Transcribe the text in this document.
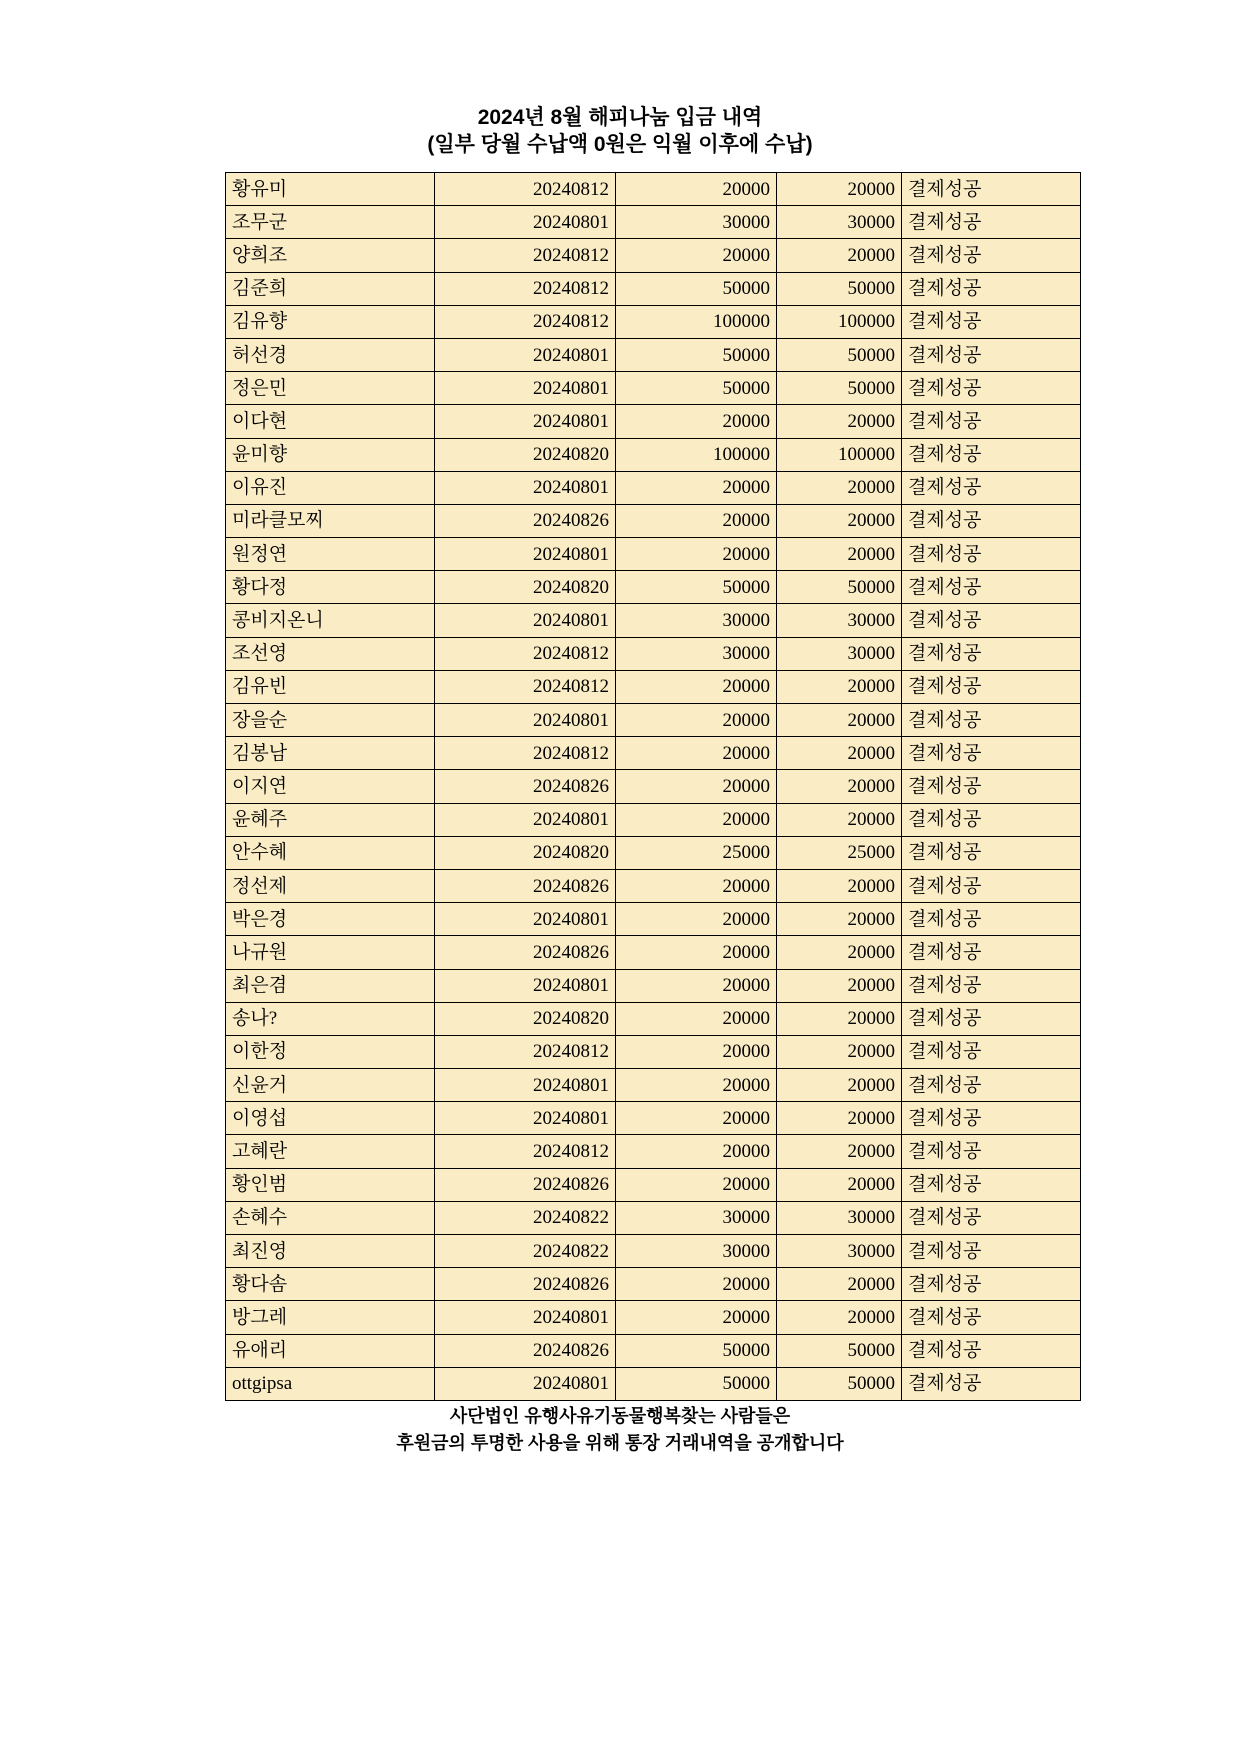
2024년 8월 해피나눔 입금 내역
(일부 당월 수납액 0원은 익월 이후에 수납)
황유미	20240812	20000	20000	결제성공
조무군	20240801	30000	30000	결제성공
양희조	20240812	20000	20000	결제성공
김준희	20240812	50000	50000	결제성공
김유향	20240812	100000	100000	결제성공
허선경	20240801	50000	50000	결제성공
정은민	20240801	50000	50000	결제성공
이다현	20240801	20000	20000	결제성공
윤미향	20240820	100000	100000	결제성공
이유진	20240801	20000	20000	결제성공
미라클모찌	20240826	20000	20000	결제성공
원정연	20240801	20000	20000	결제성공
황다정	20240820	50000	50000	결제성공
콩비지온니	20240801	30000	30000	결제성공
조선영	20240812	30000	30000	결제성공
김유빈	20240812	20000	20000	결제성공
장을순	20240801	20000	20000	결제성공
김봉남	20240812	20000	20000	결제성공
이지연	20240826	20000	20000	결제성공
윤혜주	20240801	20000	20000	결제성공
안수혜	20240820	25000	25000	결제성공
정선제	20240826	20000	20000	결제성공
박은경	20240801	20000	20000	결제성공
나규원	20240826	20000	20000	결제성공
최은겸	20240801	20000	20000	결제성공
송나?	20240820	20000	20000	결제성공
이한정	20240812	20000	20000	결제성공
신윤거	20240801	20000	20000	결제성공
이영섭	20240801	20000	20000	결제성공
고혜란	20240812	20000	20000	결제성공
황인범	20240826	20000	20000	결제성공
손혜수	20240822	30000	30000	결제성공
최진영	20240822	30000	30000	결제성공
황다솜	20240826	20000	20000	결제성공
방그레	20240801	20000	20000	결제성공
유애리	20240826	50000	50000	결제성공
ottgipsa	20240801	50000	50000	결제성공
사단법인 유행사유기동물행복찾는 사람들은
후원금의 투명한 사용을 위해 통장 거래내역을 공개합니다
